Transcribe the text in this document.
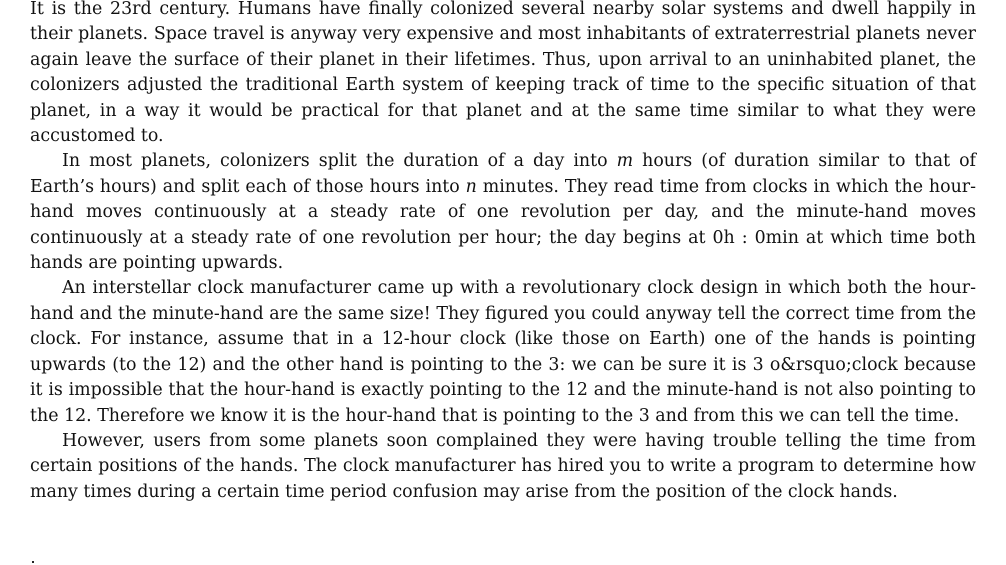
It is the 23rd century. Humans have finally colonized several nearby solar systems and dwell happily in their planets. Space travel is anyway very expensive and most inhabitants of extraterrestrial planets never again leave the surface of their planet in their lifetimes. Thus, upon arrival to an uninhabited planet, the colonizers adjusted the traditional Earth system of keeping track of time to the specific situation of that planet, in a way it would be practical for that planet and at the same time similar to what they were accustomed to.

In most planets, colonizers split the duration of a day into m hours (of duration similar to that of Earth’s hours) and split each of those hours into n minutes. They read time from clocks in which the hour-hand moves continuously at a steady rate of one revolution per day, and the minute-hand moves continuously at a steady rate of one revolution per hour; the day begins at 0h : 0min at which time both hands are pointing upwards.

An interstellar clock manufacturer came up with a revolutionary clock design in which both the hour-hand and the minute-hand are the same size! They figured you could anyway tell the correct time from the clock. For instance, assume that in a 12-hour clock (like those on Earth) one of the hands is pointing upwards (to the 12) and the other hand is pointing to the 3: we can be sure it is 3 o&rsquo;clock because it is impossible that the hour-hand is exactly pointing to the 12 and the minute-hand is not also pointing to the 12. Therefore we know it is the hour-hand that is pointing to the 3 and from this we can tell the time.

However, users from some planets soon complained they were having trouble telling the time from certain positions of the hands. The clock manufacturer has hired you to write a program to determine how many times during a certain time period confusion may arise from the position of the clock hands.
